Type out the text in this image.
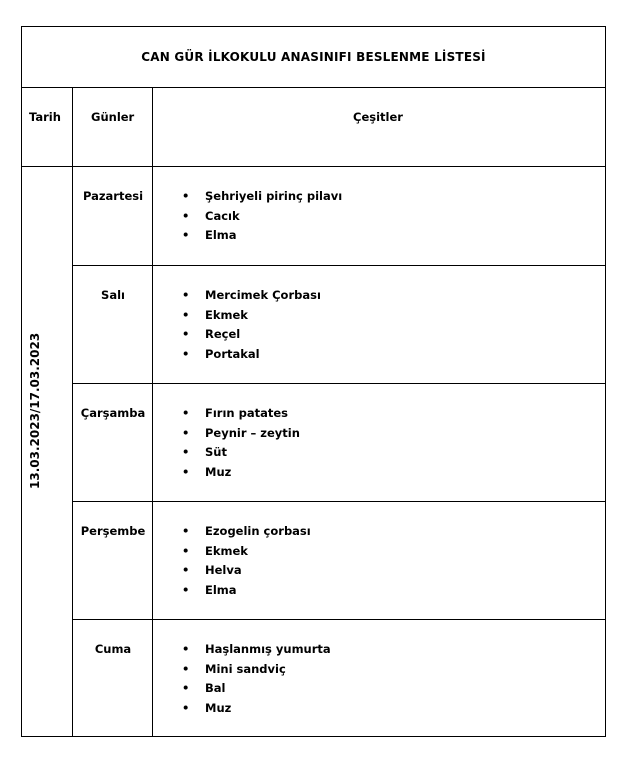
CAN GÜR İLKOKULU ANASINIFI BESLENME LİSTESİ
Tarih	Günler	Çeşitler
13.03.2023/17.03.2023
Pazartesi	• Şehriyeli pirinç pilavı
• Cacık
• Elma
Salı	• Mercimek Çorbası
• Ekmek
• Reçel
• Portakal
Çarşamba	• Fırın patates
• Peynir – zeytin
• Süt
• Muz
Perşembe	• Ezogelin çorbası
• Ekmek
• Helva
• Elma
Cuma	• Haşlanmış yumurta
• Mini sandviç
• Bal
• Muz
